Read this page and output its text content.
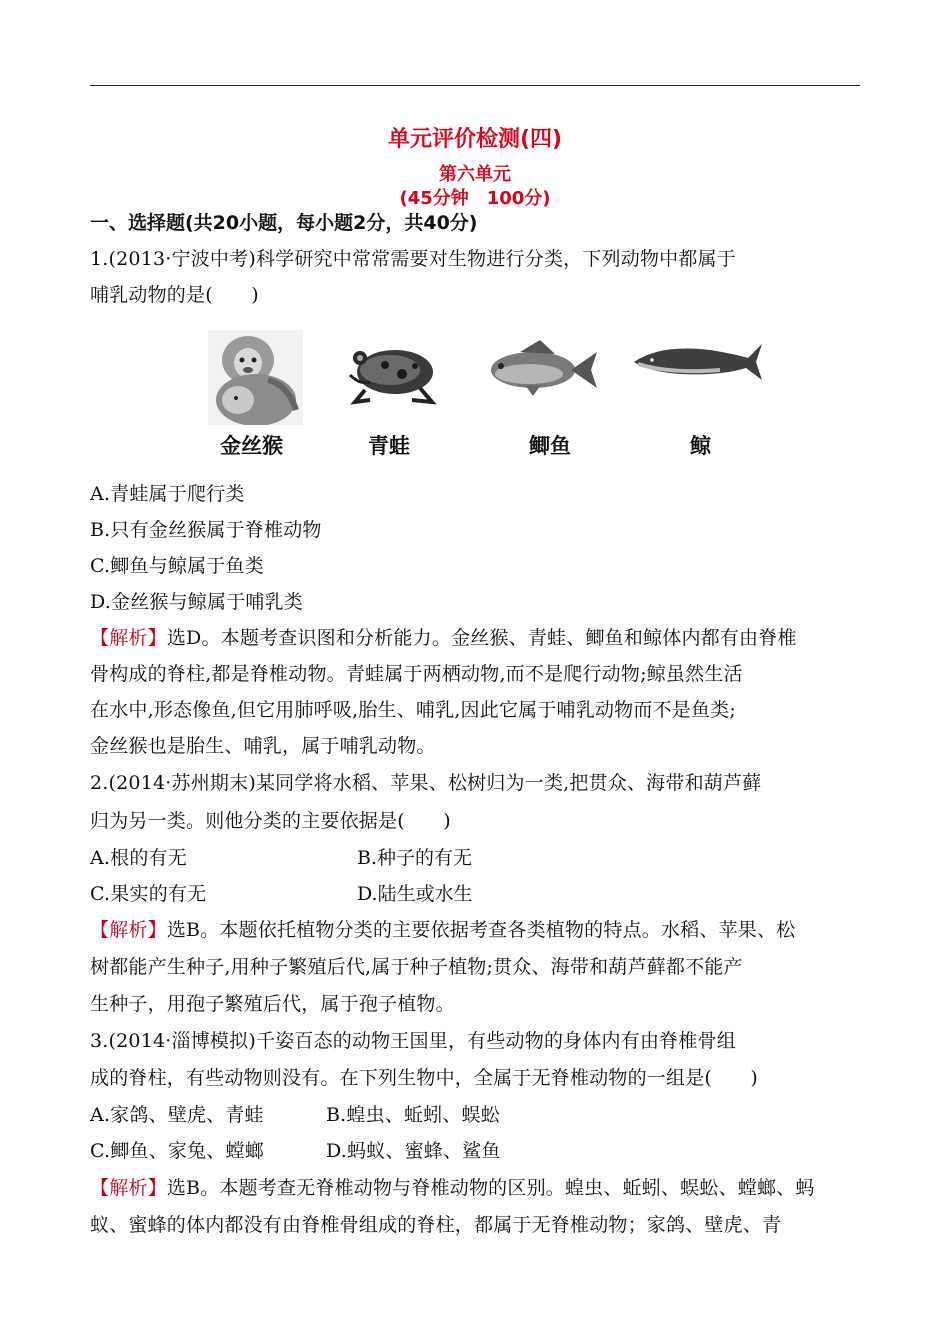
单元评价检测(四)
第六单元
(45分钟　100分)
一、选择题(共20小题，每小题2分，共40分)
1.(2013·宁波中考)科学研究中常常需要对生物进行分类，下列动物中都属于
哺乳动物的是(　　)
金丝猴	青蛙	鲫鱼	鲸
A.青蛙属于爬行类
B.只有金丝猴属于脊椎动物
C.鲫鱼与鲸属于鱼类
D.金丝猴与鲸属于哺乳类
【解析】选D。本题考查识图和分析能力。金丝猴、青蛙、鲫鱼和鲸体内都有由脊椎
骨构成的脊柱,都是脊椎动物。青蛙属于两栖动物,而不是爬行动物;鲸虽然生活
在水中,形态像鱼,但它用肺呼吸,胎生、哺乳,因此它属于哺乳动物而不是鱼类;
金丝猴也是胎生、哺乳，属于哺乳动物。
2.(2014·苏州期末)某同学将水稻、苹果、松树归为一类,把贯众、海带和葫芦藓
归为另一类。则他分类的主要依据是(　　)
A.根的有无	B.种子的有无
C.果实的有无	D.陆生或水生
【解析】选B。本题依托植物分类的主要依据考查各类植物的特点。水稻、苹果、松
树都能产生种子,用种子繁殖后代,属于种子植物;贯众、海带和葫芦藓都不能产
生种子，用孢子繁殖后代，属于孢子植物。
3.(2014·淄博模拟)千姿百态的动物王国里，有些动物的身体内有由脊椎骨组
成的脊柱，有些动物则没有。在下列生物中，全属于无脊椎动物的一组是(　　)
A.家鸽、壁虎、青蛙	B.蝗虫、蚯蚓、蜈蚣
C.鲫鱼、家兔、螳螂	D.蚂蚁、蜜蜂、鲨鱼
【解析】选B。本题考查无脊椎动物与脊椎动物的区别。蝗虫、蚯蚓、蜈蚣、螳螂、蚂
蚁、蜜蜂的体内都没有由脊椎骨组成的脊柱，都属于无脊椎动物；家鸽、壁虎、青
